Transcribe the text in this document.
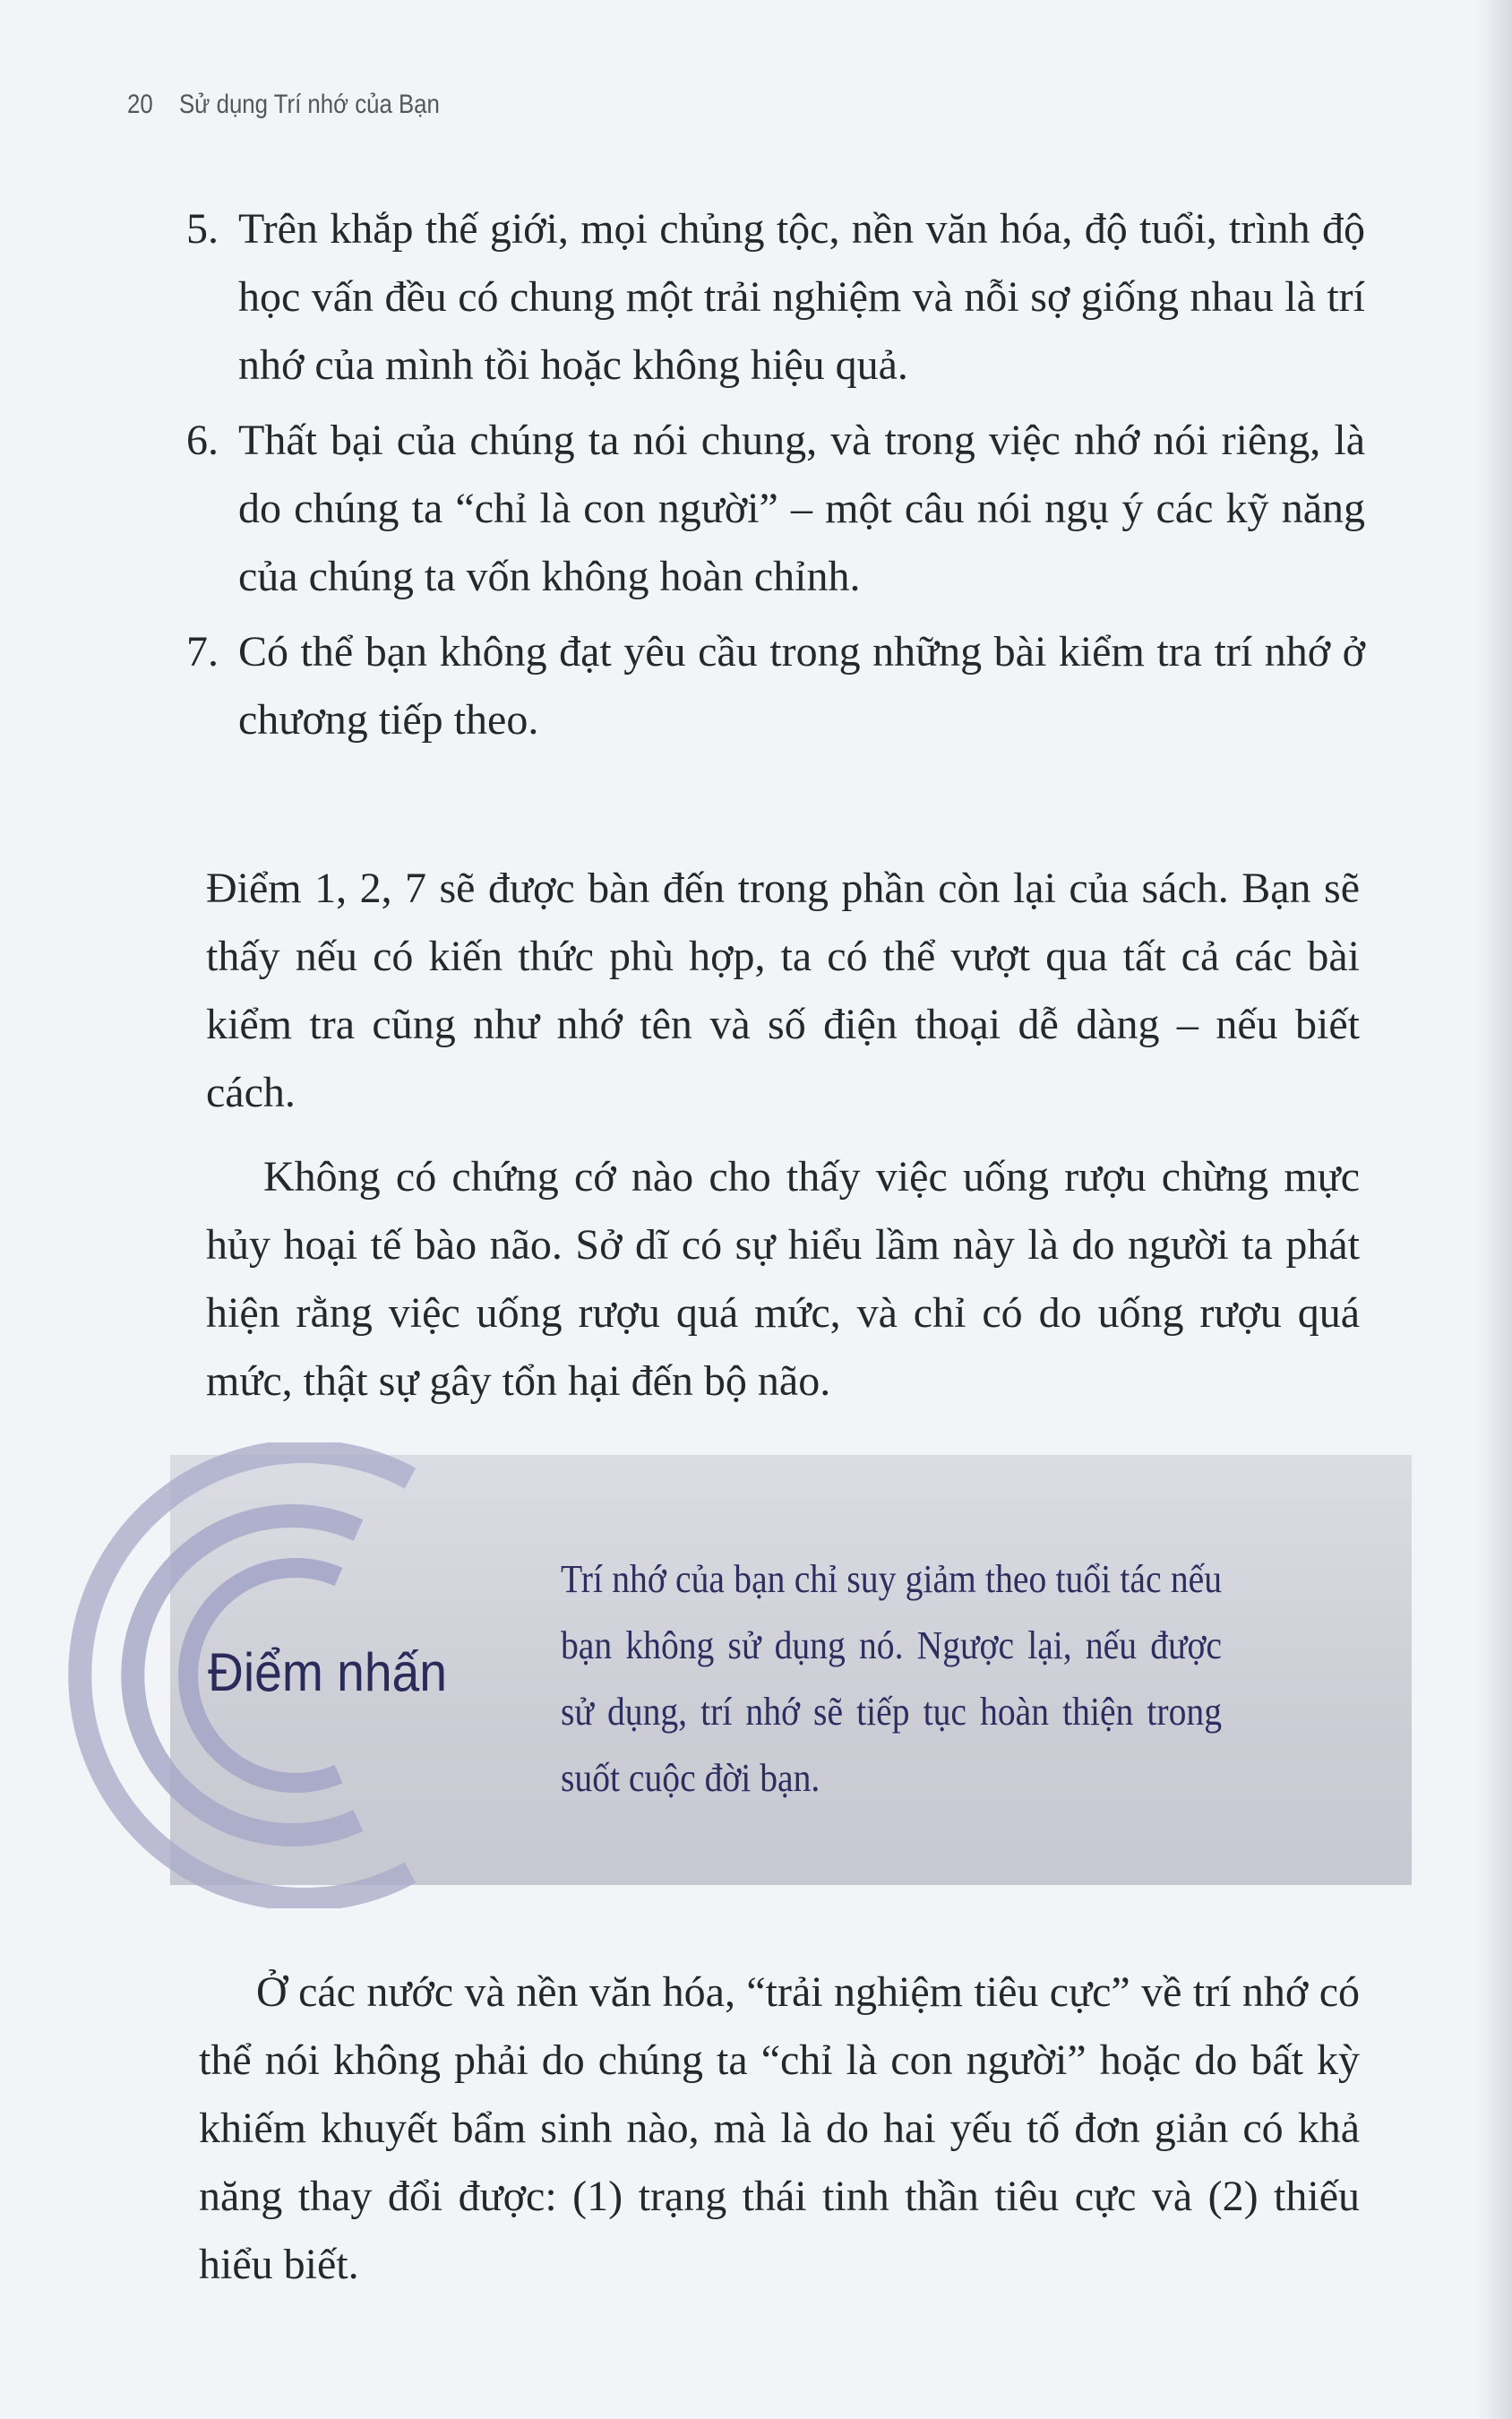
20 Sử dụng Trí nhớ của Bạn
5. Trên khắp thế giới, mọi chủng tộc, nền văn hóa, độ tuổi, trình độ học vấn đều có chung một trải nghiệm và nỗi sợ giống nhau là trí nhớ của mình tồi hoặc không hiệu quả.
6. Thất bại của chúng ta nói chung, và trong việc nhớ nói riêng, là do chúng ta “chỉ là con người” – một câu nói ngụ ý các kỹ năng của chúng ta vốn không hoàn chỉnh.
7. Có thể bạn không đạt yêu cầu trong những bài kiểm tra trí nhớ ở chương tiếp theo.

Điểm 1, 2, 7 sẽ được bàn đến trong phần còn lại của sách. Bạn sẽ thấy nếu có kiến thức phù hợp, ta có thể vượt qua tất cả các bài kiểm tra cũng như nhớ tên và số điện thoại dễ dàng – nếu biết cách.

Không có chứng cớ nào cho thấy việc uống rượu chừng mực hủy hoại tế bào não. Sở dĩ có sự hiểu lầm này là do người ta phát hiện rằng việc uống rượu quá mức, và chỉ có do uống rượu quá mức, thật sự gây tổn hại đến bộ não.

Điểm nhấn

Trí nhớ của bạn chỉ suy giảm theo tuổi tác nếu bạn không sử dụng nó. Ngược lại, nếu được sử dụng, trí nhớ sẽ tiếp tục hoàn thiện trong suốt cuộc đời bạn.

Ở các nước và nền văn hóa, “trải nghiệm tiêu cực” về trí nhớ có thể nói không phải do chúng ta “chỉ là con người” hoặc do bất kỳ khiếm khuyết bẩm sinh nào, mà là do hai yếu tố đơn giản có khả năng thay đổi được: (1) trạng thái tinh thần tiêu cực và (2) thiếu hiểu biết.
